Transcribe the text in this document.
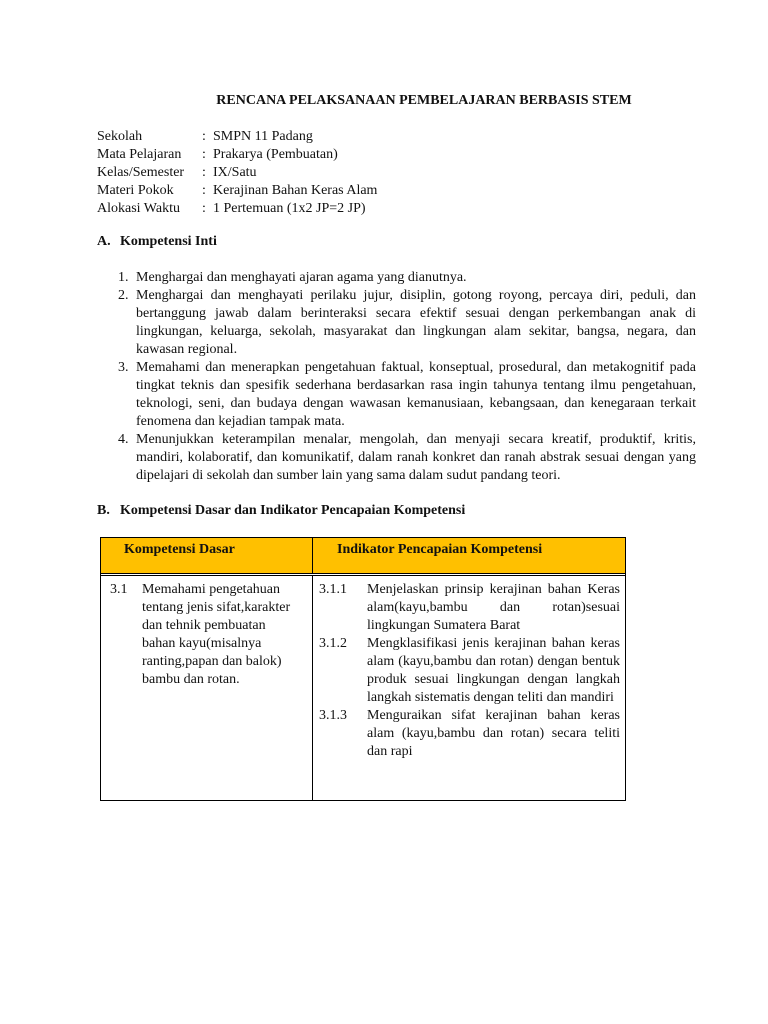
RENCANA PELAKSANAAN PEMBELAJARAN BERBASIS STEM
Sekolah	: SMPN 11 Padang
Mata Pelajaran	: Prakarya (Pembuatan)
Kelas/Semester	: IX/Satu
Materi Pokok	: Kerajinan Bahan Keras Alam
Alokasi Waktu	: 1 Pertemuan (1x2 JP=2 JP)
A. Kompetensi Inti
1. Menghargai dan menghayati ajaran agama yang dianutnya.
2. Menghargai dan menghayati perilaku jujur, disiplin, gotong royong, percaya diri, peduli, dan bertanggung jawab dalam berinteraksi secara efektif sesuai dengan perkembangan anak di lingkungan, keluarga, sekolah, masyarakat dan lingkungan alam sekitar, bangsa, negara, dan kawasan regional.
3. Memahami dan menerapkan pengetahuan faktual, konseptual, prosedural, dan metakognitif pada tingkat teknis dan spesifik sederhana berdasarkan rasa ingin tahunya tentang ilmu pengetahuan, teknologi, seni, dan budaya dengan wawasan kemanusiaan, kebangsaan, dan kenegaraan terkait fenomena dan kejadian tampak mata.
4. Menunjukkan keterampilan menalar, mengolah, dan menyaji secara kreatif, produktif, kritis, mandiri, kolaboratif, dan komunikatif, dalam ranah konkret dan ranah abstrak sesuai dengan yang dipelajari di sekolah dan sumber lain yang sama dalam sudut pandang teori.
B. Kompetensi Dasar dan Indikator Pencapaian Kompetensi
Kompetensi Dasar	Indikator Pencapaian Kompetensi
3.1	Memahami pengetahuan tentang jenis sifat,karakter dan tehnik pembuatan bahan kayu(misalnya ranting,papan dan balok) bambu dan rotan.
3.1.1	Menjelaskan prinsip kerajinan bahan Keras alam(kayu,bambu dan rotan)sesuai lingkungan Sumatera Barat
3.1.2	Mengklasifikasi jenis kerajinan bahan keras alam (kayu,bambu dan rotan) dengan bentuk produk sesuai lingkungan dengan langkah langkah sistematis dengan teliti dan mandiri
3.1.3	Menguraikan sifat kerajinan bahan keras alam (kayu,bambu dan rotan) secara teliti dan rapi
